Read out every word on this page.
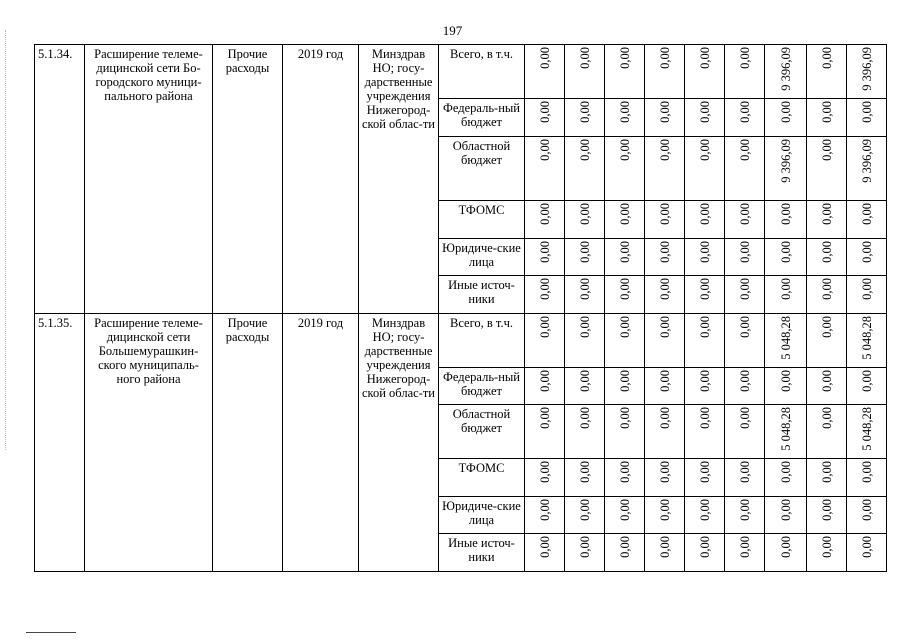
197
5.1.34.	Расширение телеме-дицинской сети Бо-городского муници-пального района	Прочие расходы	2019 год	Минздрав НО; госу-дарственные учреждения Нижегород-ской облас-ти	Всего, в т.ч.	0,00	0,00	0,00	0,00	0,00	0,00	9 396,09	0,00	9 396,09
					Федераль-ный бюджет	0,00	0,00	0,00	0,00	0,00	0,00	0,00	0,00	0,00
					Областной бюджет	0,00	0,00	0,00	0,00	0,00	0,00	9 396,09	0,00	9 396,09
					ТФОМС	0,00	0,00	0,00	0,00	0,00	0,00	0,00	0,00	0,00
					Юридиче-ские лица	0,00	0,00	0,00	0,00	0,00	0,00	0,00	0,00	0,00
					Иные источ-ники	0,00	0,00	0,00	0,00	0,00	0,00	0,00	0,00	0,00
5.1.35.	Расширение телеме-дицинской сети Большемурашкин-ского муниципаль-ного района	Прочие расходы	2019 год	Минздрав НО; госу-дарственные учреждения Нижегород-ской облас-ти	Всего, в т.ч.	0,00	0,00	0,00	0,00	0,00	0,00	5 048,28	0,00	5 048,28
					Федераль-ный бюджет	0,00	0,00	0,00	0,00	0,00	0,00	0,00	0,00	0,00
					Областной бюджет	0,00	0,00	0,00	0,00	0,00	0,00	5 048,28	0,00	5 048,28
					ТФОМС	0,00	0,00	0,00	0,00	0,00	0,00	0,00	0,00	0,00
					Юридиче-ские лица	0,00	0,00	0,00	0,00	0,00	0,00	0,00	0,00	0,00
					Иные источ-ники	0,00	0,00	0,00	0,00	0,00	0,00	0,00	0,00	0,00
